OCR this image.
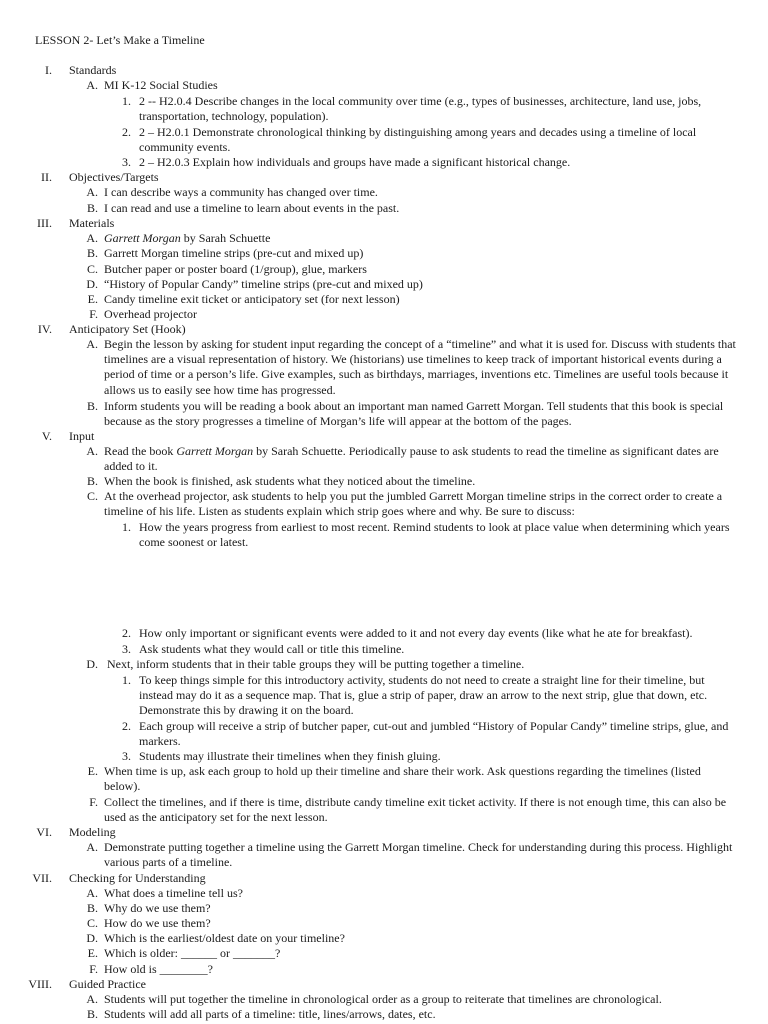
LESSON 2- Let’s Make a Timeline
I. Standards
A. MI K-12 Social Studies
1. 2 -- H2.0.4 Describe changes in the local community over time (e.g., types of businesses, architecture, land use, jobs, transportation, technology, population).
2. 2 – H2.0.1 Demonstrate chronological thinking by distinguishing among years and decades using a timeline of local community events.
3. 2 – H2.0.3 Explain how individuals and groups have made a significant historical change.
II. Objectives/Targets
A. I can describe ways a community has changed over time.
B. I can read and use a timeline to learn about events in the past.
III. Materials
A. Garrett Morgan by Sarah Schuette
B. Garrett Morgan timeline strips (pre-cut and mixed up)
C. Butcher paper or poster board (1/group), glue, markers
D. “History of Popular Candy” timeline strips (pre-cut and mixed up)
E. Candy timeline exit ticket or anticipatory set (for next lesson)
F. Overhead projector
IV. Anticipatory Set (Hook)
A. Begin the lesson by asking for student input regarding the concept of a “timeline” and what it is used for. Discuss with students that timelines are a visual representation of history. We (historians) use timelines to keep track of important historical events during a period of time or a person’s life. Give examples, such as birthdays, marriages, inventions etc. Timelines are useful tools because it allows us to easily see how time has progressed.
B. Inform students you will be reading a book about an important man named Garrett Morgan. Tell students that this book is special because as the story progresses a timeline of Morgan’s life will appear at the bottom of the pages.
V. Input
A. Read the book Garrett Morgan by Sarah Schuette. Periodically pause to ask students to read the timeline as significant dates are added to it.
B. When the book is finished, ask students what they noticed about the timeline.
C. At the overhead projector, ask students to help you put the jumbled Garrett Morgan timeline strips in the correct order to create a timeline of his life. Listen as students explain which strip goes where and why. Be sure to discuss:
1. How the years progress from earliest to most recent. Remind students to look at place value when determining which years come soonest or latest.
2. How only important or significant events were added to it and not every day events (like what he ate for breakfast).
3. Ask students what they would call or title this timeline.
D. Next, inform students that in their table groups they will be putting together a timeline.
1. To keep things simple for this introductory activity, students do not need to create a straight line for their timeline, but instead may do it as a sequence map. That is, glue a strip of paper, draw an arrow to the next strip, glue that down, etc. Demonstrate this by drawing it on the board.
2. Each group will receive a strip of butcher paper, cut-out and jumbled “History of Popular Candy” timeline strips, glue, and markers.
3. Students may illustrate their timelines when they finish gluing.
E. When time is up, ask each group to hold up their timeline and share their work. Ask questions regarding the timelines (listed below).
F. Collect the timelines, and if there is time, distribute candy timeline exit ticket activity. If there is not enough time, this can also be used as the anticipatory set for the next lesson.
VI. Modeling
A. Demonstrate putting together a timeline using the Garrett Morgan timeline. Check for understanding during this process. Highlight various parts of a timeline.
VII. Checking for Understanding
A. What does a timeline tell us?
B. Why do we use them?
C. How do we use them?
D. Which is the earliest/oldest date on your timeline?
E. Which is older: ______ or _______?
F. How old is ________?
VIII. Guided Practice
A. Students will put together the timeline in chronological order as a group to reiterate that timelines are chronological.
B. Students will add all parts of a timeline: title, lines/arrows, dates, etc.
